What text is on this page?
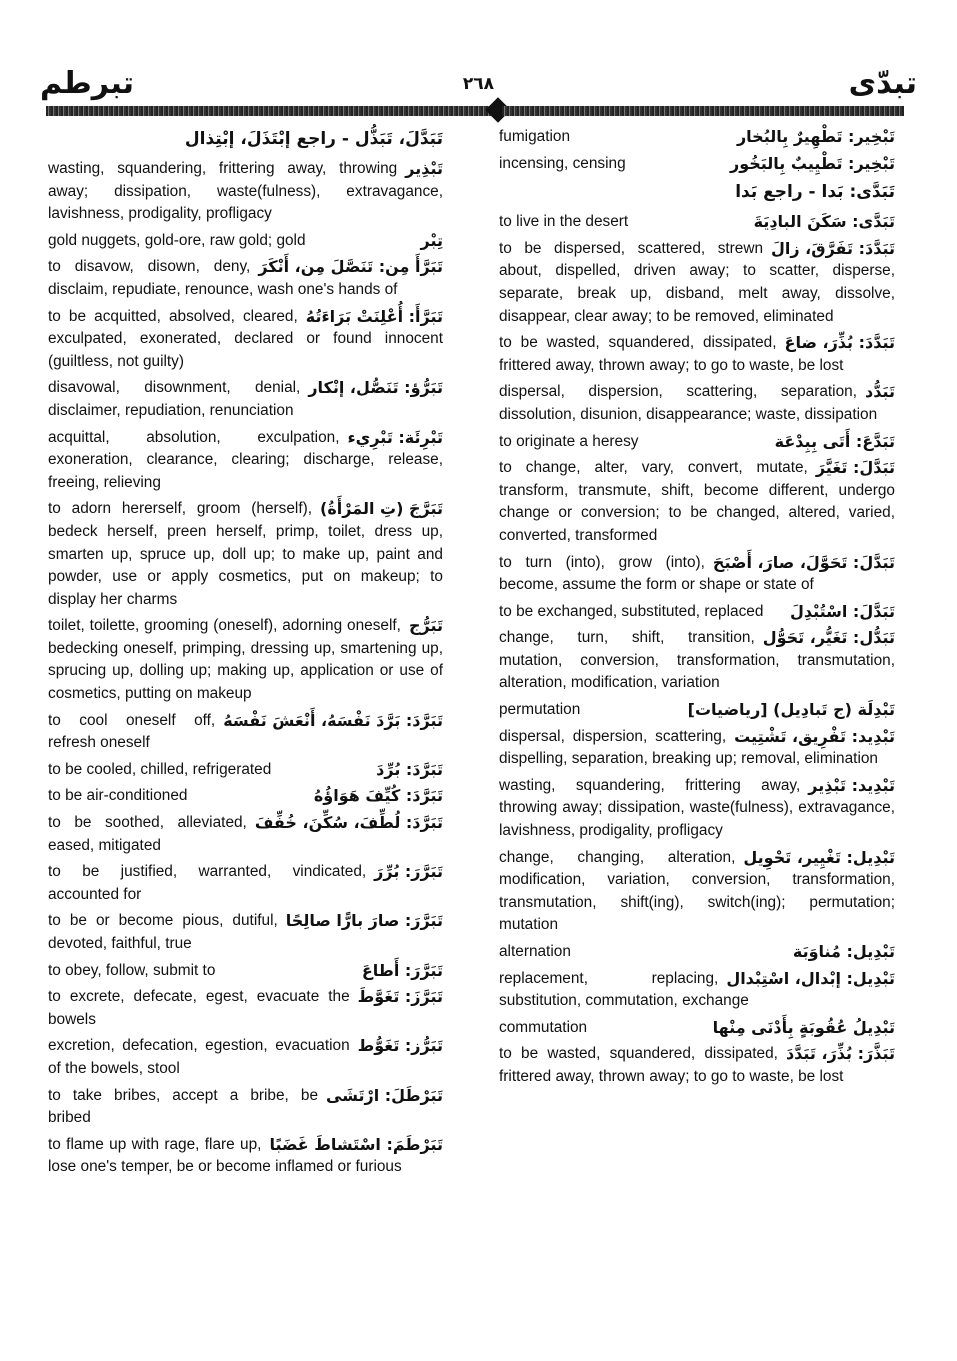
تبرطم	٢٦٨	تبدّى
تَبَدَّلَ، تَبَذُّل - راجع إبْتَذَلَ، إبْتِذال
تَبْذِير
wasting, squandering, frittering away, throwing away; dissipation, waste(fulness), extravagance, lavishness, prodigality, profligacy
تِبْر
gold nuggets, gold-ore, raw gold; gold
تَبَرَّأَ مِن: تَنَصَّلَ مِن، أَنْكَرَ
to disavow, disown, deny, disclaim, repudiate, renounce, wash one's hands of
تَبَرَّأَ: أُعْلِنَتْ بَرَاءَتُهُ
to be acquitted, absolved, cleared, exculpated, exonerated, declared or found innocent (guiltless, not guilty)
تَبَرُّؤ: تَنَصُّل، إنْكار
disavowal, disownment, denial, disclaimer, repudiation, renunciation
تَبْرِئَة: تَبْرِيء
acquittal, absolution, exculpation, exoneration, clearance, clearing; discharge, release, freeing, relieving
تَبَرَّجَ (تِ المَرْأَةُ)
to adorn hererself, groom (herself), bedeck herself, preen herself, primp, toilet, dress up, smarten up, spruce up, doll up; to make up, paint and powder, use or apply cosmetics, put on makeup; to display her charms
تَبَرُّج
toilet, toilette, grooming (oneself), adorning oneself, bedecking oneself, primping, dressing up, smartening up, sprucing up, dolling up; making up, application or use of cosmetics, putting on makeup
تَبَرَّدَ: بَرَّدَ نَفْسَهُ، أَنْعَشَ نَفْسَهُ
to cool oneself off, refresh oneself
تَبَرَّدَ: بُرِّدَ
to be cooled, chilled, refrigerated
تَبَرَّدَ: كُيِّفَ هَوَاؤُهُ
to be air-conditioned
تَبَرَّدَ: لُطِّفَ، سُكِّنَ، خُفِّفَ
to be soothed, alleviated, eased, mitigated
تَبَرَّرَ: بُرِّرَ
to be justified, warranted, vindicated, accounted for
تَبَرَّرَ: صارَ بارًّا صالِحًا
to be or become pious, dutiful, devoted, faithful, true
تَبَرَّرَ: أَطاعَ
to obey, follow, submit to
تَبَرَّزَ: تَغَوَّطَ
to excrete, defecate, egest, evacuate the bowels
تَبَرُّز: تَغَوُّط
excretion, defecation, egestion, evacuation of the bowels, stool
تَبَرْطَلَ: ارْتَشَى
to take bribes, accept a bribe, be bribed
تَبَرْطَمَ: اسْتَشاطَ غَضَبًا
to flame up with rage, flare up, lose one's temper, be or become inflamed or furious
تَبْخِير: تَطْهِيرٌ بِالبُخار
fumigation
تَبْخِير: تَطْيِيبٌ بِالبَخُور
incensing, censing
تَبَدَّى: بَدا - راجع بَدا
تَبَدَّى: سَكَنَ البادِيَةَ
to live in the desert
تَبَدَّدَ: تَفَرَّقَ، زالَ
to be dispersed, scattered, strewn about, dispelled, driven away; to scatter, disperse, separate, break up, disband, melt away, dissolve, disappear, clear away; to be removed, eliminated
تَبَدَّدَ: بُذِّرَ، ضاعَ
to be wasted, squandered, dissipated, frittered away, thrown away; to go to waste, be lost
تَبَدُّد
dispersal, dispersion, scattering, separation, dissolution, disunion, disappearance; waste, dissipation
تَبَدَّعَ: أَتَى بِبِدْعَة
to originate a heresy
تَبَدَّلَ: تَغَيَّرَ
to change, alter, vary, convert, mutate, transform, transmute, shift, become different, undergo change or conversion; to be changed, altered, varied, converted, transformed
تَبَدَّلَ: تَحَوَّلَ، صارَ، أَصْبَحَ
to turn (into), grow (into), become, assume the form or shape or state of
تَبَدَّلَ: اسْتُبْدِلَ
to be exchanged, substituted, replaced
تَبَدُّل: تَغَيُّر، تَحَوُّل
change, turn, shift, transition, mutation, conversion, transformation, transmutation, alteration, modification, variation
تَبْدِلَة (ج تَبادِيل) [رياضيات]
permutation
تَبْدِيد: تَفْرِيق، تَشْتِيت
dispersal, dispersion, scattering, dispelling, separation, breaking up; removal, elimination
تَبْدِيد: تَبْذِير
wasting, squandering, frittering away, throwing away; dissipation, waste(fulness), extravagance, lavishness, prodigality, profligacy
تَبْدِيل: تَغْيِير، تَحْوِيل
change, changing, alteration, modification, variation, conversion, transformation, transmutation, shift(ing), switch(ing); permutation; mutation
تَبْدِيل: مُناوَبَة
alternation
تَبْدِيل: إبْدال، اسْتِبْدال
replacement, replacing, substitution, commutation, exchange
تَبْدِيلُ عُقُوبَةٍ بِأَدْنَى مِنْها
commutation
تَبَذَّرَ: بُذِّرَ، تَبَدَّدَ
to be wasted, squandered, dissipated, frittered away, thrown away; to go to waste, be lost
